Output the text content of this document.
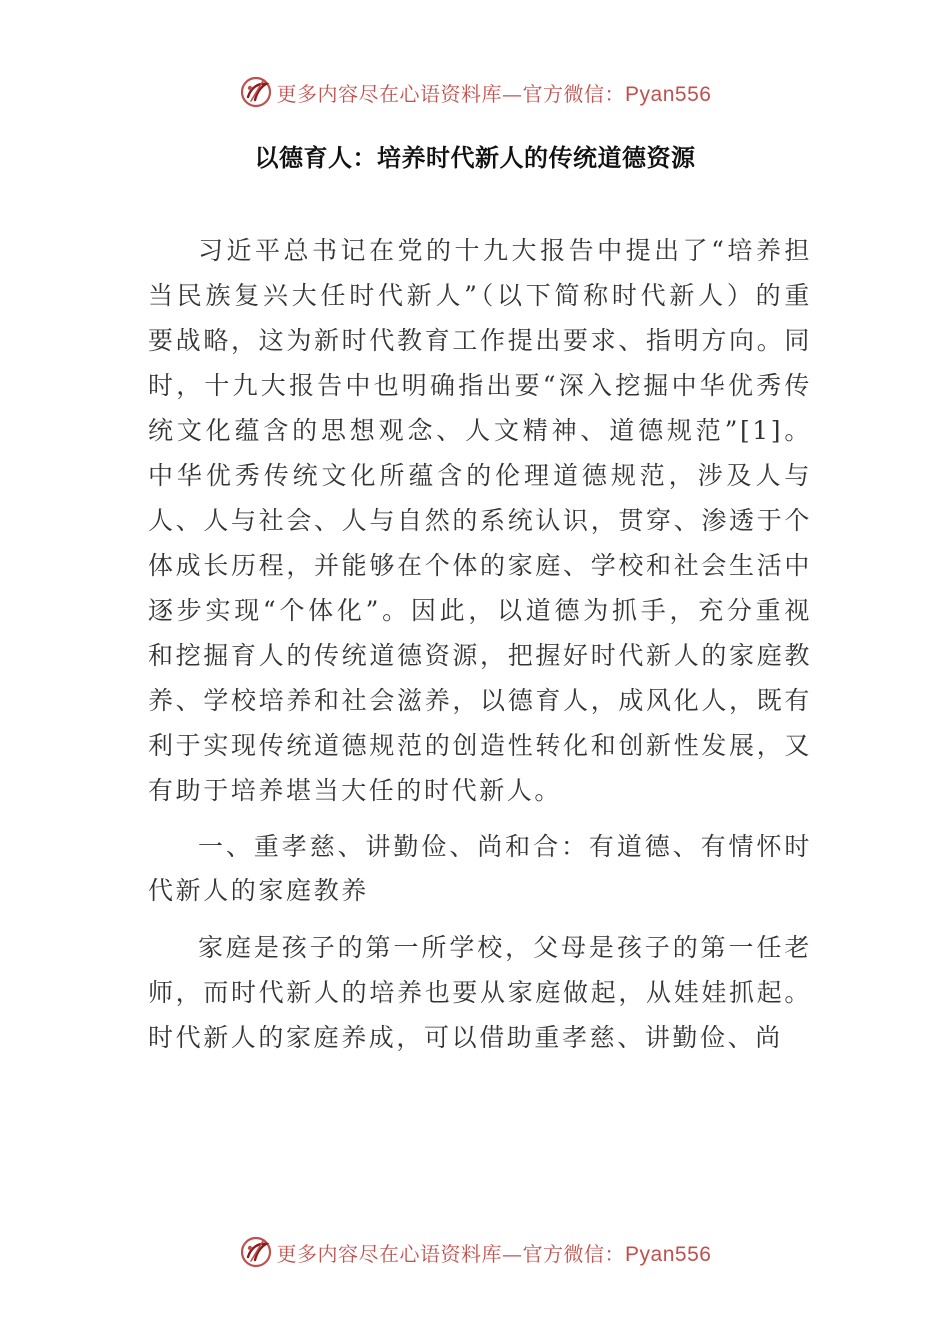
更多内容尽在心语资料库—官方微信：Pyan556
以德育人：培养时代新人的传统道德资源

习近平总书记在党的十九大报告中提出了“培养担当民族复兴大任时代新人”（以下简称时代新人）的重要战略，这为新时代教育工作提出要求、指明方向。同时，十九大报告中也明确指出要“深入挖掘中华优秀传统文化蕴含的思想观念、人文精神、道德规范”[1]。中华优秀传统文化所蕴含的伦理道德规范，涉及人与人、人与社会、人与自然的系统认识，贯穿、渗透于个体成长历程，并能够在个体的家庭、学校和社会生活中逐步实现“个体化”。因此，以道德为抓手，充分重视和挖掘育人的传统道德资源，把握好时代新人的家庭教养、学校培养和社会滋养，以德育人，成风化人，既有利于实现传统道德规范的创造性转化和创新性发展，又有助于培养堪当大任的时代新人。

一、重孝慈、讲勤俭、尚和合：有道德、有情怀时代新人的家庭教养

家庭是孩子的第一所学校，父母是孩子的第一任老师，而时代新人的培养也要从家庭做起，从娃娃抓起。时代新人的家庭养成，可以借助重孝慈、讲勤俭、尚

更多内容尽在心语资料库—官方微信：Pyan556
